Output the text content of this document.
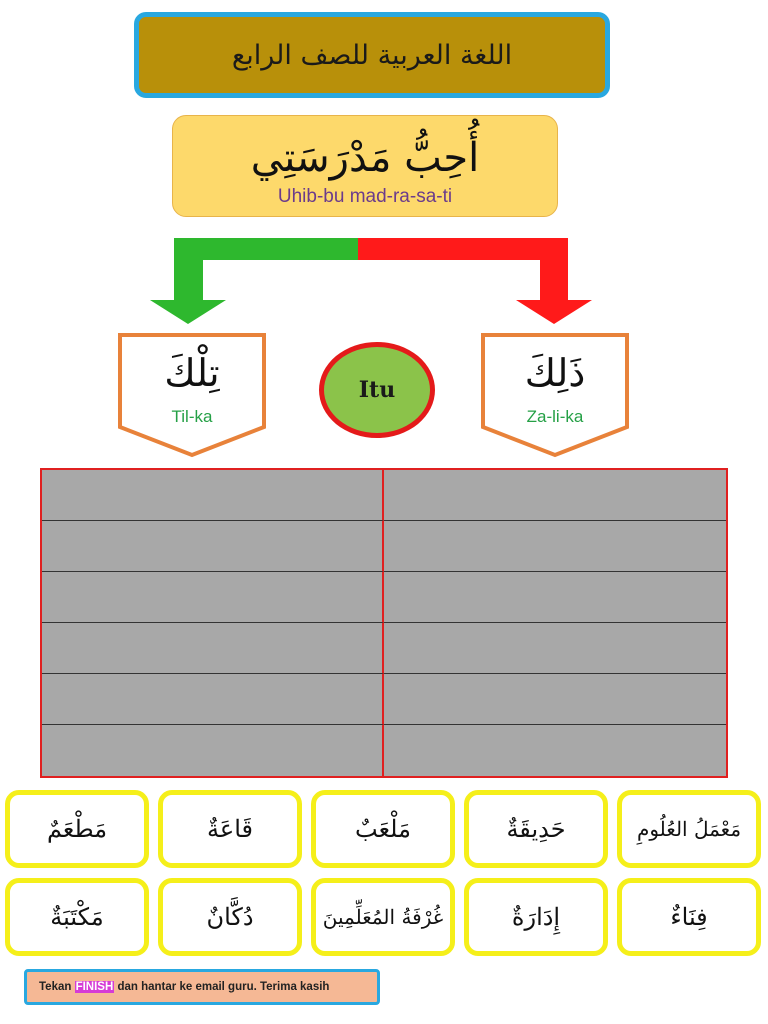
اللغة العربية للصف الرابع
أُحِبُّ مَدْرَسَتِي
Uhib-bu mad-ra-sa-ti
تِلْكَ
Til-ka
Itu	ذَلِكَ
Za-li-ka
مَطْعَمٌ	قَاعَةٌ	مَلْعَبٌ	حَدِيقَةٌ	مَعْمَلُ العُلُومِ
مَكْتَبَةٌ	دُكَّانٌ	غُرْفَةُ المُعَلِّمِينَ	إِدَارَةٌ	فِنَاءٌ
Tekan FINISH dan hantar ke email guru. Terima kasih
